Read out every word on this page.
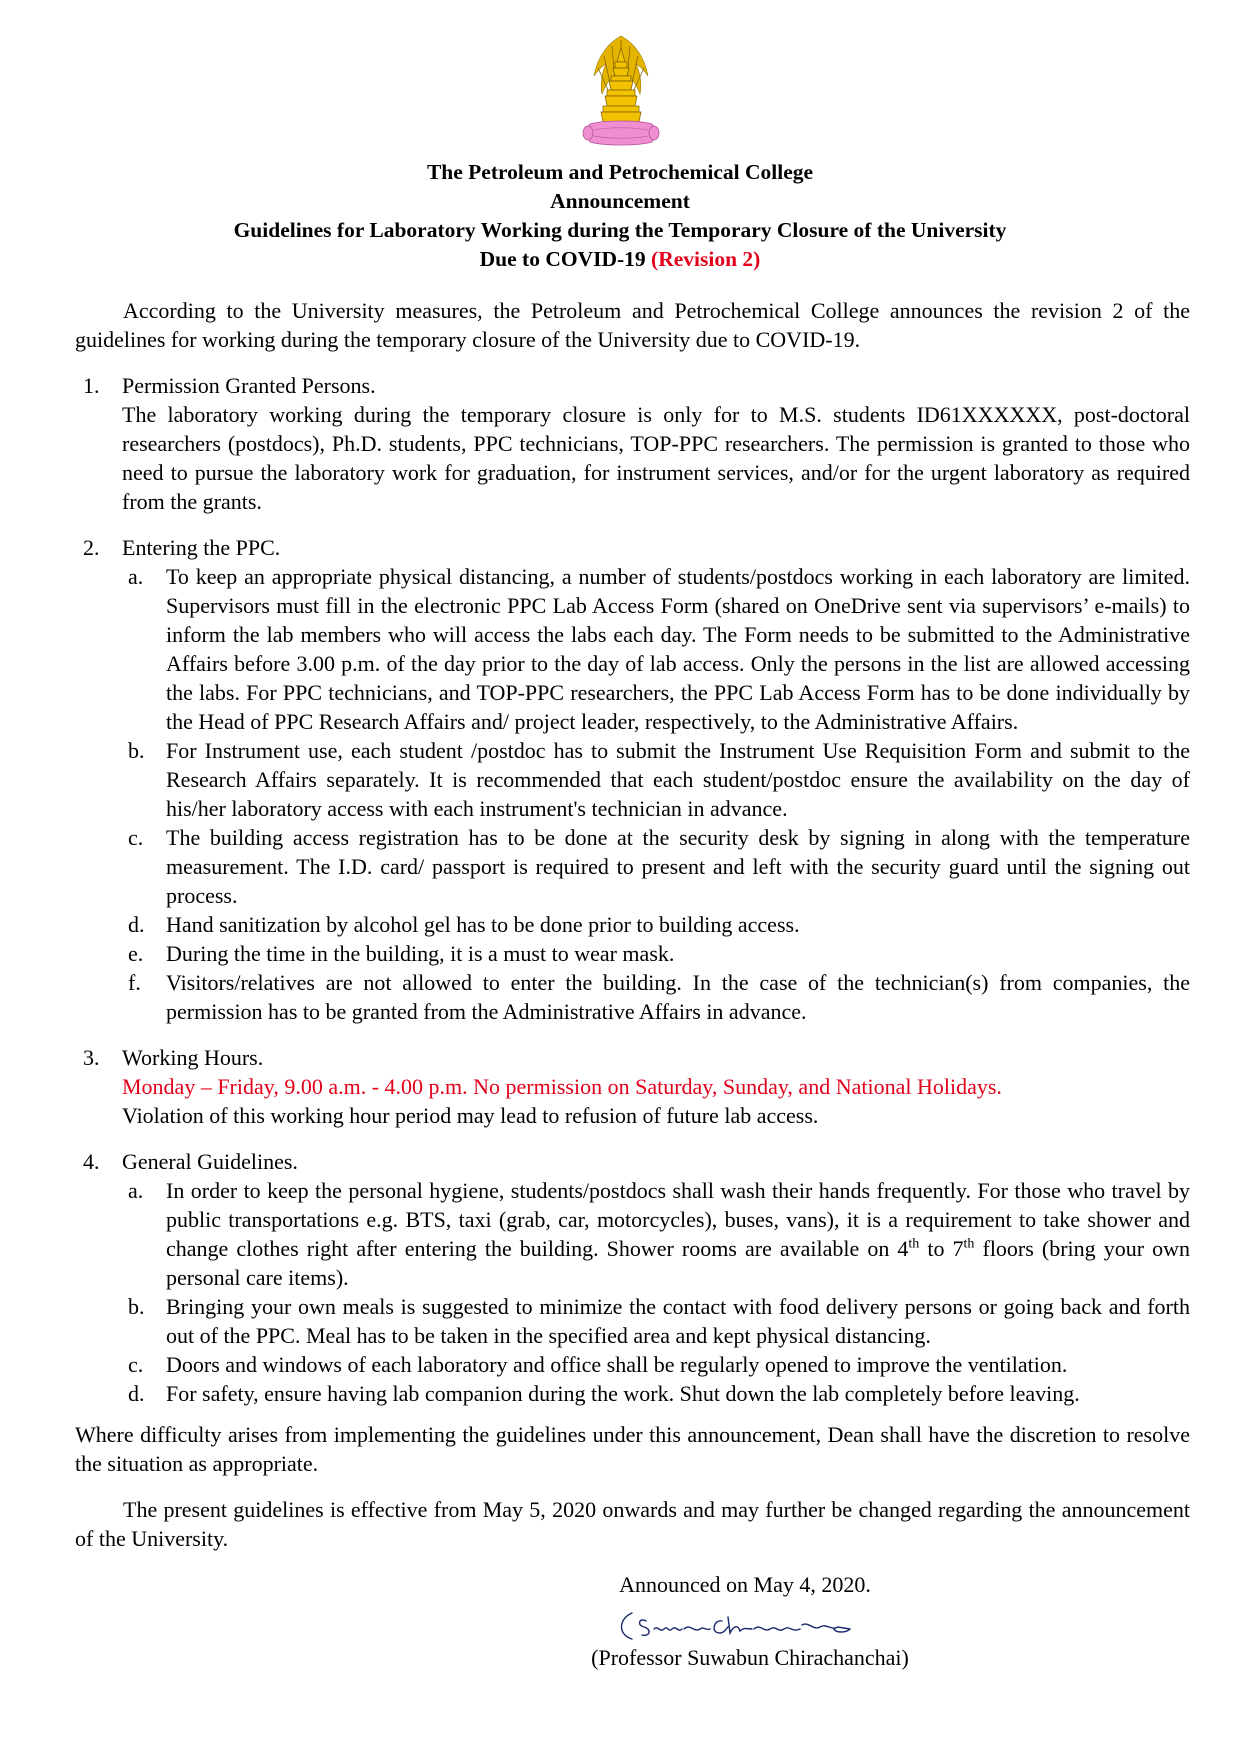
The Petroleum and Petrochemical College
Announcement
Guidelines for Laboratory Working during the Temporary Closure of the University
Due to COVID-19 (Revision 2)

According to the University measures, the Petroleum and Petrochemical College announces the revision 2 of the guidelines for working during the temporary closure of the University due to COVID-19.

1. Permission Granted Persons.
The laboratory working during the temporary closure is only for to M.S. students ID61XXXXXX, post-doctoral researchers (postdocs), Ph.D. students, PPC technicians, TOP-PPC researchers. The permission is granted to those who need to pursue the laboratory work for graduation, for instrument services, and/or for the urgent laboratory as required from the grants.
2. Entering the PPC.
a. To keep an appropriate physical distancing, a number of students/postdocs working in each laboratory are limited. Supervisors must fill in the electronic PPC Lab Access Form (shared on OneDrive sent via supervisors’ e-mails) to inform the lab members who will access the labs each day. The Form needs to be submitted to the Administrative Affairs before 3.00 p.m. of the day prior to the day of lab access. Only the persons in the list are allowed accessing the labs. For PPC technicians, and TOP-PPC researchers, the PPC Lab Access Form has to be done individually by the Head of PPC Research Affairs and/ project leader, respectively, to the Administrative Affairs.
b. For Instrument use, each student /postdoc has to submit the Instrument Use Requisition Form and submit to the Research Affairs separately. It is recommended that each student/postdoc ensure the availability on the day of his/her laboratory access with each instrument's technician in advance.
c. The building access registration has to be done at the security desk by signing in along with the temperature measurement. The I.D. card/ passport is required to present and left with the security guard until the signing out process.
d. Hand sanitization by alcohol gel has to be done prior to building access.
e. During the time in the building, it is a must to wear mask.
f. Visitors/relatives are not allowed to enter the building. In the case of the technician(s) from companies, the permission has to be granted from the Administrative Affairs in advance.
3. Working Hours.
Monday – Friday, 9.00 a.m. - 4.00 p.m. No permission on Saturday, Sunday, and National Holidays.
Violation of this working hour period may lead to refusion of future lab access.
4. General Guidelines.
a. In order to keep the personal hygiene, students/postdocs shall wash their hands frequently. For those who travel by public transportations e.g. BTS, taxi (grab, car, motorcycles), buses, vans), it is a requirement to take shower and change clothes right after entering the building. Shower rooms are available on 4th to 7th floors (bring your own personal care items).
b. Bringing your own meals is suggested to minimize the contact with food delivery persons or going back and forth out of the PPC. Meal has to be taken in the specified area and kept physical distancing.
c. Doors and windows of each laboratory and office shall be regularly opened to improve the ventilation.
d. For safety, ensure having lab companion during the work. Shut down the lab completely before leaving.

Where difficulty arises from implementing the guidelines under this announcement, Dean shall have the discretion to resolve the situation as appropriate.

The present guidelines is effective from May 5, 2020 onwards and may further be changed regarding the announcement of the University.

Announced on May 4, 2020.
(Professor Suwabun Chirachanchai)
